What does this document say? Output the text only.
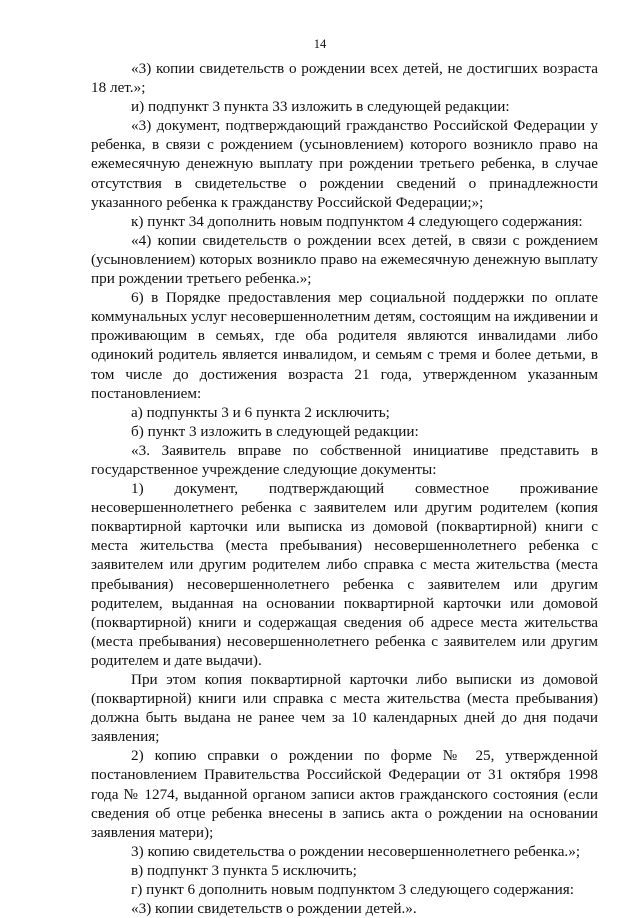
14

«3) копии свидетельств о рождении всех детей, не достигших возраста 18 лет.»;

и) подпункт 3 пункта 33 изложить в следующей редакции:

«3) документ, подтверждающий гражданство Российской Федерации у ребенка, в связи с рождением (усыновлением) которого возникло право на ежемесячную денежную выплату при рождении третьего ребенка, в случае отсутствия в свидетельстве о рождении сведений о принадлежности указанного ребенка к гражданству Российской Федерации;»;

к) пункт 34 дополнить новым подпунктом 4 следующего содержания:

«4) копии свидетельств о рождении всех детей, в связи с рождением (усыновлением) которых возникло право на ежемесячную денежную выплату при рождении третьего ребенка.»;

6) в Порядке предоставления мер социальной поддержки по оплате коммунальных услуг несовершеннолетним детям, состоящим на иждивении и проживающим в семьях, где оба родителя являются инвалидами либо одинокий родитель является инвалидом, и семьям с тремя и более детьми, в том числе до достижения возраста 21 года, утвержденном указанным постановлением:

а) подпункты 3 и 6 пункта 2 исключить;

б) пункт 3 изложить в следующей редакции:

«3. Заявитель вправе по собственной инициативе представить в государственное учреждение следующие документы:

1) документ, подтверждающий совместное проживание несовершеннолетнего ребенка с заявителем или другим родителем (копия поквартирной карточки или выписка из домовой (поквартирной) книги с места жительства (места пребывания) несовершеннолетнего ребенка с заявителем или другим родителем либо справка с места жительства (места пребывания) несовершеннолетнего ребенка с заявителем или другим родителем, выданная на основании поквартирной карточки или домовой (поквартирной) книги и содержащая сведения об адресе места жительства (места пребывания) несовершеннолетнего ребенка с заявителем или другим родителем и дате выдачи).

При этом копия поквартирной карточки либо выписки из домовой (поквартирной) книги или справка с места жительства (места пребывания) должна быть выдана не ранее чем за 10 календарных дней до дня подачи заявления;

2) копию справки о рождении по форме № 25, утвержденной постановлением Правительства Российской Федерации от 31 октября 1998 года № 1274, выданной органом записи актов гражданского состояния (если сведения об отце ребенка внесены в запись акта о рождении на основании заявления матери);

3) копию свидетельства о рождении несовершеннолетнего ребенка.»;

в) подпункт 3 пункта 5 исключить;

г) пункт 6 дополнить новым подпунктом 3 следующего содержания:

«3) копии свидетельств о рождении детей.».
